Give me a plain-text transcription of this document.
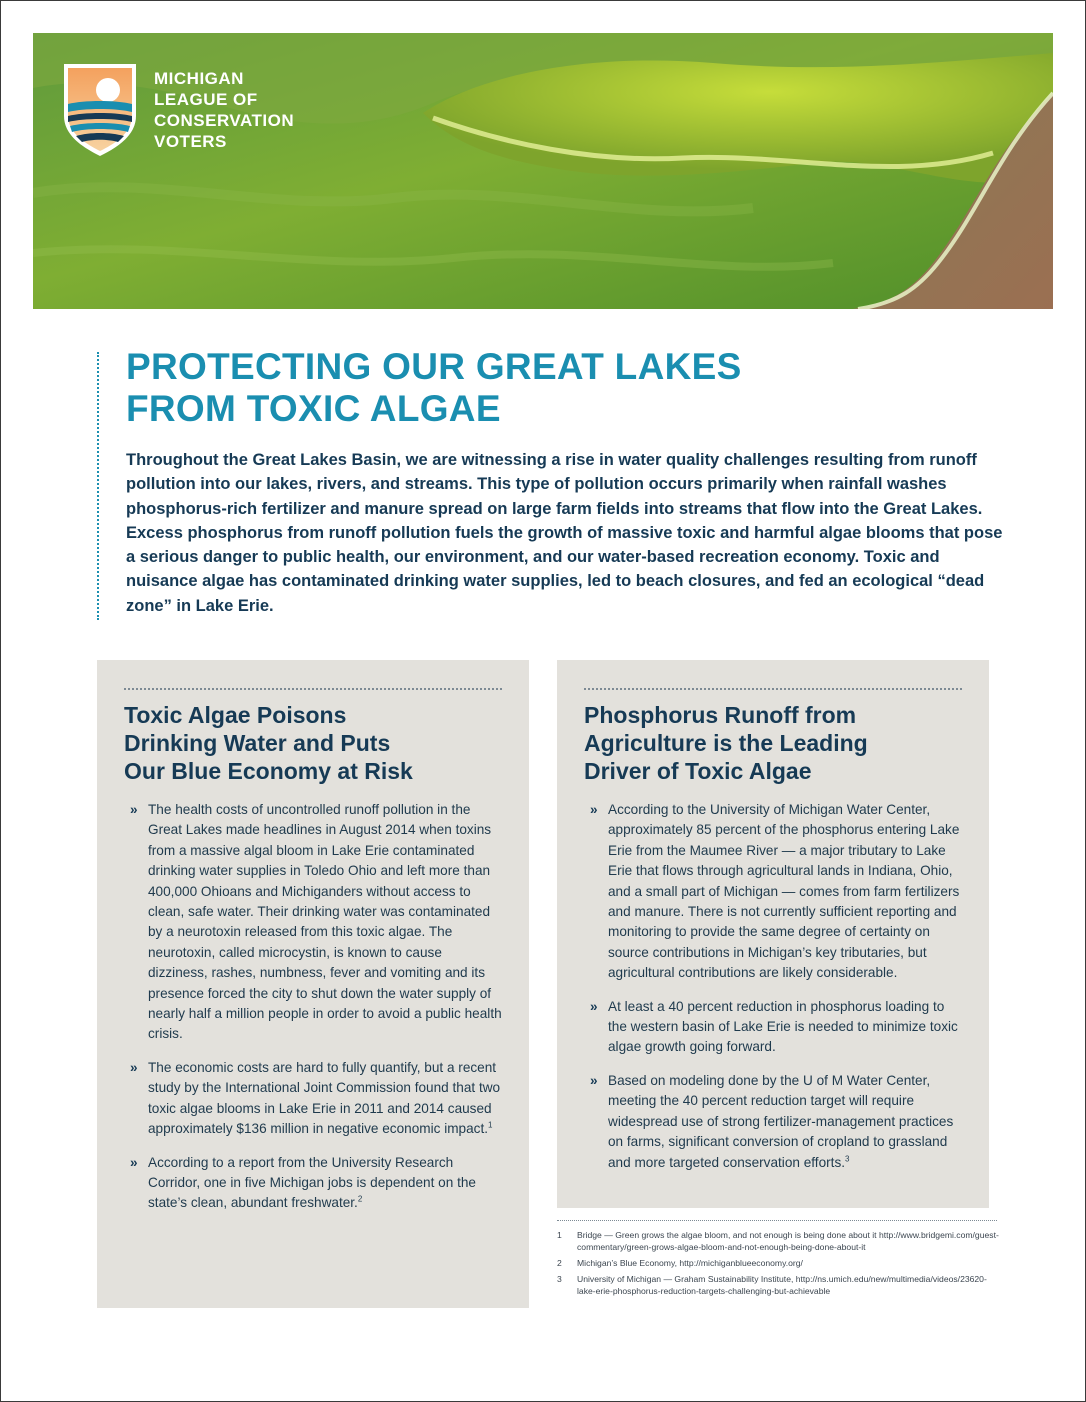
MICHIGAN
LEAGUE OF
CONSERVATION
VOTERS
PROTECTING OUR GREAT LAKES
FROM TOXIC ALGAE

Throughout the Great Lakes Basin, we are witnessing a rise in water quality challenges resulting from runoff pollution into our lakes, rivers, and streams. This type of pollution occurs primarily when rainfall washes phosphorus-rich fertilizer and manure spread on large farm fields into streams that flow into the Great Lakes. Excess phosphorus from runoff pollution fuels the growth of massive toxic and harmful algae blooms that pose a serious danger to public health, our environment, and our water-based recreation economy. Toxic and nuisance algae has contaminated drinking water supplies, led to beach closures, and fed an ecological “dead zone” in Lake Erie.

Toxic Algae Poisons
Drinking Water and Puts
Our Blue Economy at Risk
» The health costs of uncontrolled runoff pollution in the Great Lakes made headlines in August 2014 when toxins from a massive algal bloom in Lake Erie contaminated drinking water supplies in Toledo Ohio and left more than 400,000 Ohioans and Michiganders without access to clean, safe water. Their drinking water was contaminated by a neurotoxin released from this toxic algae. The neurotoxin, called microcystin, is known to cause dizziness, rashes, numbness, fever and vomiting and its presence forced the city to shut down the water supply of nearly half a million people in order to avoid a public health crisis.
» The economic costs are hard to fully quantify, but a recent study by the International Joint Commission found that two toxic algae blooms in Lake Erie in 2011 and 2014 caused approximately $136 million in negative economic impact.$^1$
» According to a report from the University Research Corridor, one in five Michigan jobs is dependent on the state’s clean, abundant freshwater.$^2$
Phosphorus Runoff from
Agriculture is the Leading
Driver of Toxic Algae
» According to the University of Michigan Water Center, approximately 85 percent of the phosphorus entering Lake Erie from the Maumee River — a major tributary to Lake Erie that flows through agricultural lands in Indiana, Ohio, and a small part of Michigan — comes from farm fertilizers and manure. There is not currently sufficient reporting and monitoring to provide the same degree of certainty on source contributions in Michigan’s key tributaries, but agricultural contributions are likely considerable.
» At least a 40 percent reduction in phosphorus loading to the western basin of Lake Erie is needed to minimize toxic algae growth going forward.
» Based on modeling done by the U of M Water Center, meeting the 40 percent reduction target will require widespread use of strong fertilizer-management practices on farms, significant conversion of cropland to grassland and more targeted conservation efforts.$^3$
1 Bridge — Green grows the algae bloom, and not enough is being done about it http://www.bridgemi.com/guest-commentary/green-grows-algae-bloom-and-not-enough-being-done-about-it
2 Michigan’s Blue Economy, http://michiganblueeconomy.org/
3 University of Michigan — Graham Sustainability Institute, http://ns.umich.edu/new/multimedia/videos/23620-lake-erie-phosphorus-reduction-targets-challenging-but-achievable
